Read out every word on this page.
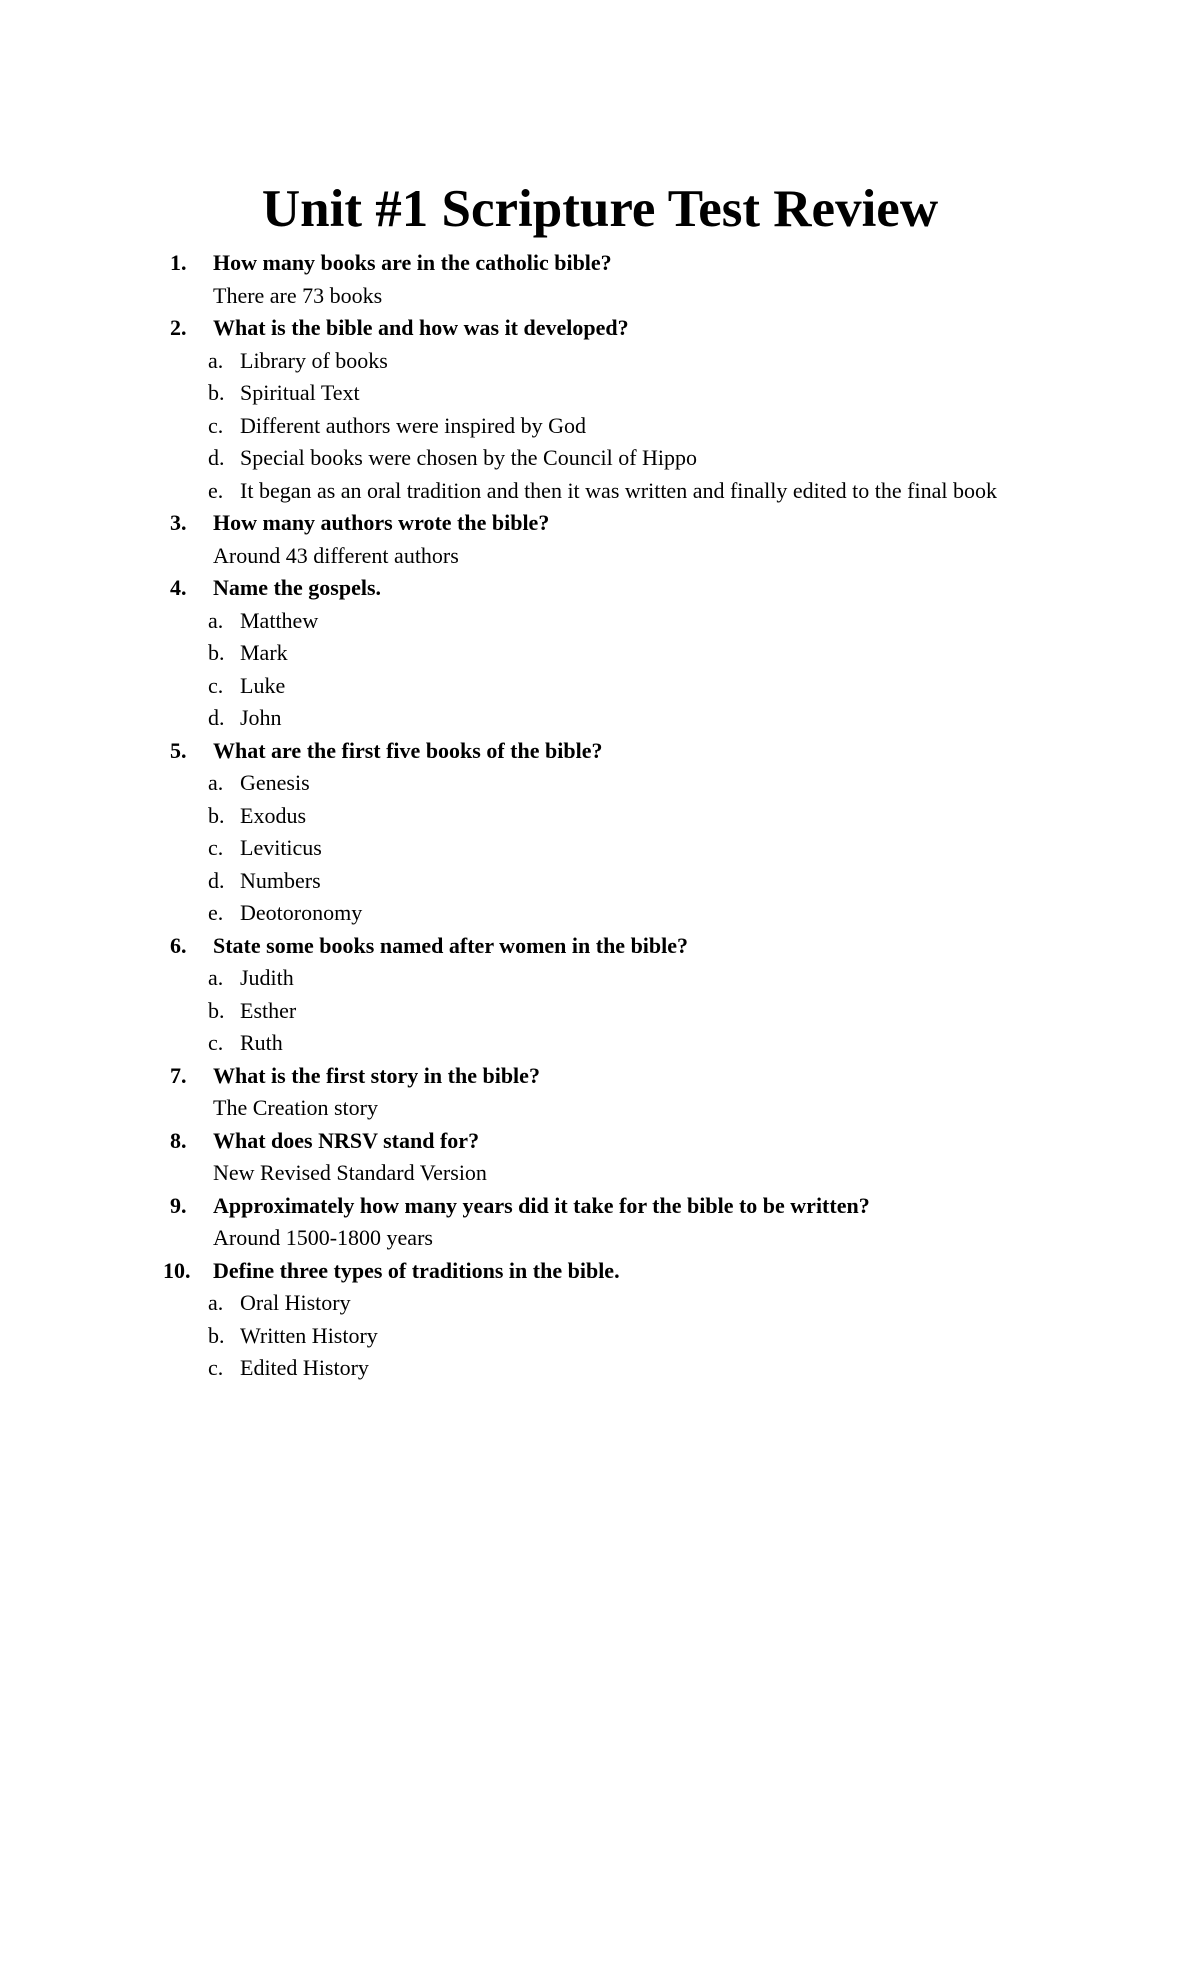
Unit #1 Scripture Test Review
1. How many books are in the catholic bible?
There are 73 books
2. What is the bible and how was it developed?
a. Library of books
b. Spiritual Text
c. Different authors were inspired by God
d. Special books were chosen by the Council of Hippo
e. It began as an oral tradition and then it was written and finally edited to the final book
3. How many authors wrote the bible?
Around 43 different authors
4. Name the gospels.
a. Matthew
b. Mark
c. Luke
d. John
5. What are the first five books of the bible?
a. Genesis
b. Exodus
c. Leviticus
d. Numbers
e. Deotoronomy
6. State some books named after women in the bible?
a. Judith
b. Esther
c. Ruth
7. What is the first story in the bible?
The Creation story
8. What does NRSV stand for?
New Revised Standard Version
9. Approximately how many years did it take for the bible to be written?
Around 1500-1800 years
10. Define three types of traditions in the bible.
a. Oral History
b. Written History
c. Edited History
